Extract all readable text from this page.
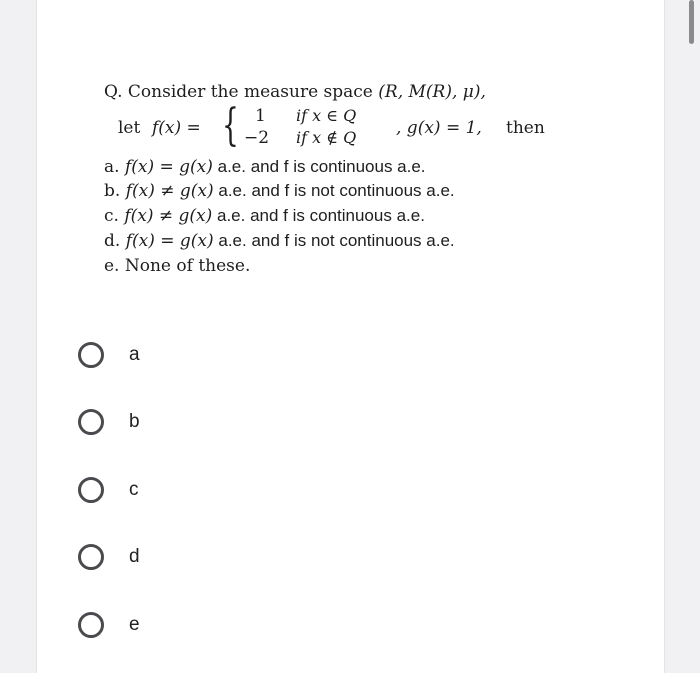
Q. Consider the measure space (R, M(R), μ),
let f(x) = { 1 if x ∈ Q
−2 if x ∉ Q , g(x) = 1, then
a. f(x) = g(x) a.e. and f is continuous a.e.
b. f(x) ≠ g(x) a.e. and f is not continuous a.e.
c. f(x) ≠ g(x) a.e. and f is continuous a.e.
d. f(x) = g(x) a.e. and f is not continuous a.e.
e. None of these.
a
b
c
d
e
